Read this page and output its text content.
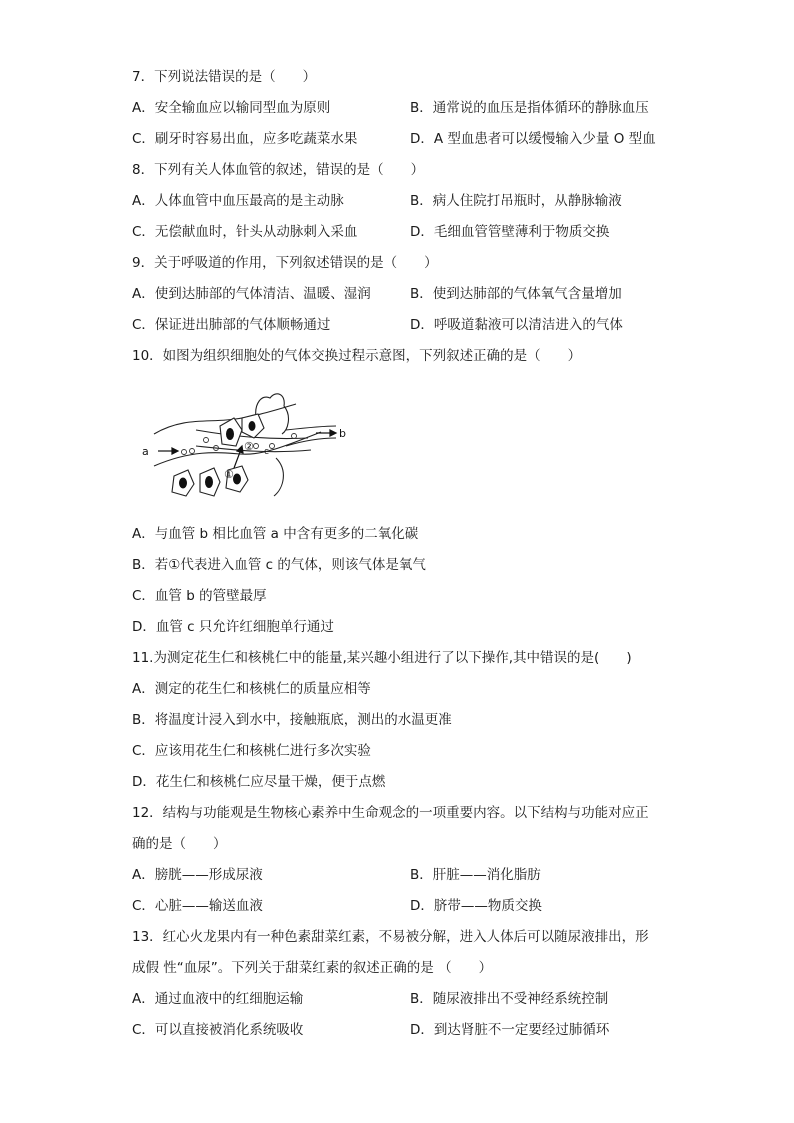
7．下列说法错误的是（　　）
A．安全输血应以输同型血为原则	B．通常说的血压是指体循环的静脉血压
C．刷牙时容易出血，应多吃蔬菜水果	D．A 型血患者可以缓慢输入少量 O 型血
8．下列有关人体血管的叙述，错误的是（　　）
A．人体血管中血压最高的是主动脉	B．病人住院打吊瓶时，从静脉输液
C．无偿献血时，针头从动脉刺入采血	D．毛细血管管壁薄利于物质交换
9．关于呼吸道的作用，下列叙述错误的是（　　）
A．使到达肺部的气体清洁、温暖、湿润	B．使到达肺部的气体氧气含量增加
C．保证进出肺部的气体顺畅通过	D．呼吸道黏液可以清洁进入的气体
10．如图为组织细胞处的气体交换过程示意图，下列叙述正确的是（　　）
a
b
c
①
②
A．与血管 b 相比血管 a 中含有更多的二氧化碳
B．若①代表进入血管 c 的气体，则该气体是氧气
C．血管 b 的管壁最厚
D．血管 c 只允许红细胞单行通过
11.为测定花生仁和核桃仁中的能量,某兴趣小组进行了以下操作,其中错误的是(　　)
A．测定的花生仁和核桃仁的质量应相等
B．将温度计浸入到水中，接触瓶底，测出的水温更准
C．应该用花生仁和核桃仁进行多次实验
D．花生仁和核桃仁应尽量干燥，便于点燃
12．结构与功能观是生物核心素养中生命观念的一项重要内容。以下结构与功能对应正
确的是（　　）
A．膀胱——形成尿液	B．肝脏——消化脂肪
C．心脏——输送血液	D．脐带——物质交换
13．红心火龙果内有一种色素甜菜红素，不易被分解，进入人体后可以随尿液排出，形
成假 性“血尿”。下列关于甜菜红素的叙述正确的是 （　　）
A．通过血液中的红细胞运输	B．随尿液排出不受神经系统控制
C．可以直接被消化系统吸收	D．到达肾脏不一定要经过肺循环
